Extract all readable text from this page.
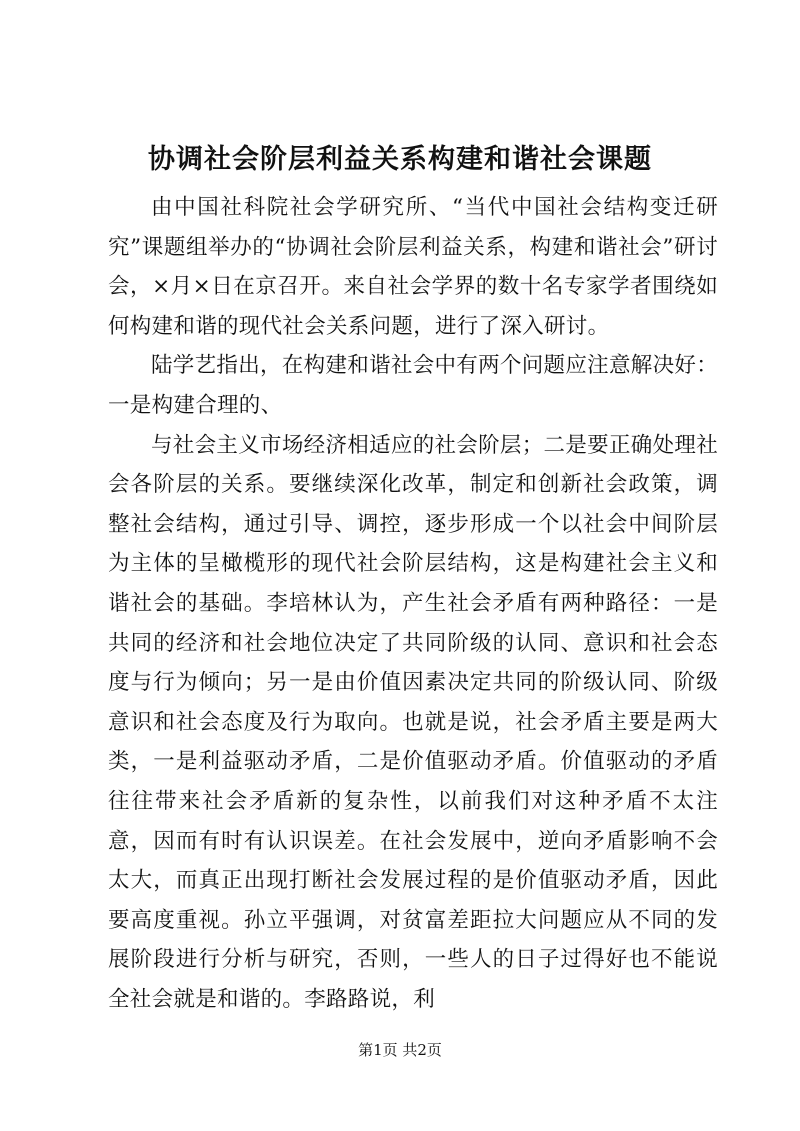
协调社会阶层利益关系构建和谐社会课题

由中国社科院社会学研究所、“当代中国社会结构变迁研究”课题组举办的“协调社会阶层利益关系，构建和谐社会”研讨会，×月×日在京召开。来自社会学界的数十名专家学者围绕如何构建和谐的现代社会关系问题，进行了深入研讨。

陆学艺指出，在构建和谐社会中有两个问题应注意解决好：一是构建合理的、

与社会主义市场经济相适应的社会阶层；二是要正确处理社会各阶层的关系。要继续深化改革，制定和创新社会政策，调整社会结构，通过引导、调控，逐步形成一个以社会中间阶层为主体的呈橄榄形的现代社会阶层结构，这是构建社会主义和谐社会的基础。李培林认为，产生社会矛盾有两种路径：一是共同的经济和社会地位决定了共同阶级的认同、意识和社会态度与行为倾向；另一是由价值因素决定共同的阶级认同、阶级意识和社会态度及行为取向。也就是说，社会矛盾主要是两大类，一是利益驱动矛盾，二是价值驱动矛盾。价值驱动的矛盾往往带来社会矛盾新的复杂性，以前我们对这种矛盾不太注意，因而有时有认识误差。在社会发展中，逆向矛盾影响不会太大，而真正出现打断社会发展过程的是价值驱动矛盾，因此要高度重视。孙立平强调，对贫富差距拉大问题应从不同的发展阶段进行分析与研究，否则，一些人的日子过得好也不能说全社会就是和谐的。李路路说，利

第1页 共2页
